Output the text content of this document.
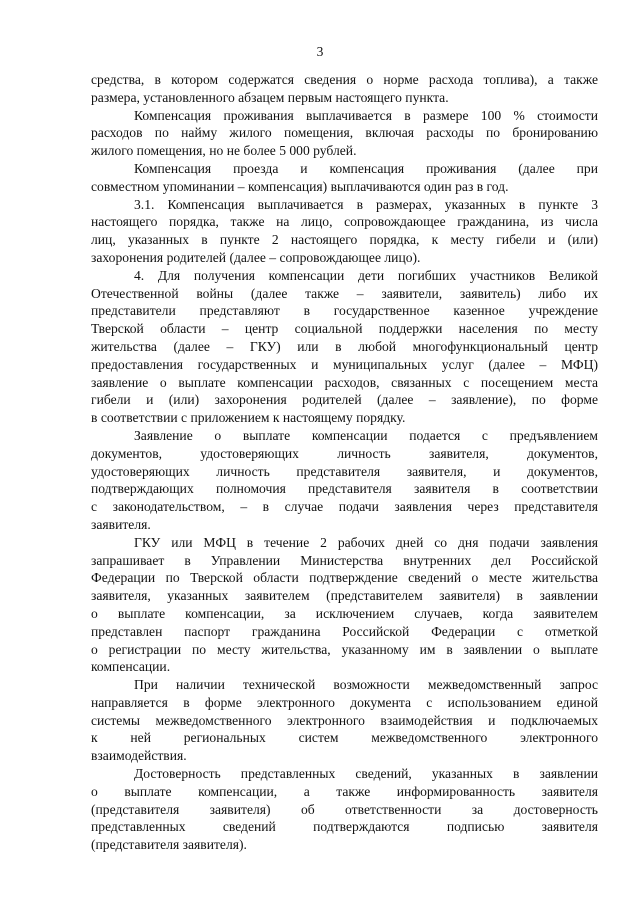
3
средства, в котором содержатся сведения о норме расхода топлива), а также
размера, установленного абзацем первым настоящего пункта.
Компенсация проживания выплачивается в размере 100 % стоимости
расходов по найму жилого помещения, включая расходы по бронированию
жилого помещения, но не более 5 000 рублей.
Компенсация проезда и компенсация проживания (далее при
совместном упоминании – компенсация) выплачиваются один раз в год.
3.1. Компенсация выплачивается в размерах, указанных в пункте 3
настоящего порядка, также на лицо, сопровождающее гражданина, из числа
лиц, указанных в пункте 2 настоящего порядка, к месту гибели и (или)
захоронения родителей (далее – сопровождающее лицо).
4. Для получения компенсации дети погибших участников Великой
Отечественной войны (далее также – заявители, заявитель) либо их
представители представляют в государственное казенное учреждение
Тверской области – центр социальной поддержки населения по месту
жительства (далее – ГКУ) или в любой многофункциональный центр
предоставления государственных и муниципальных услуг (далее – МФЦ)
заявление о выплате компенсации расходов, связанных с посещением места
гибели и (или) захоронения родителей (далее – заявление), по форме
в соответствии с приложением к настоящему порядку.
Заявление о выплате компенсации подается с предъявлением
документов, удостоверяющих личность заявителя, документов,
удостоверяющих личность представителя заявителя, и документов,
подтверждающих полномочия представителя заявителя в соответствии
с законодательством, – в случае подачи заявления через представителя
заявителя.
ГКУ или МФЦ в течение 2 рабочих дней со дня подачи заявления
запрашивает в Управлении Министерства внутренних дел Российской
Федерации по Тверской области подтверждение сведений о месте жительства
заявителя, указанных заявителем (представителем заявителя) в заявлении
о выплате компенсации, за исключением случаев, когда заявителем
представлен паспорт гражданина Российской Федерации с отметкой
о регистрации по месту жительства, указанному им в заявлении о выплате
компенсации.
При наличии технической возможности межведомственный запрос
направляется в форме электронного документа с использованием единой
системы межведомственного электронного взаимодействия и подключаемых
к ней региональных систем межведомственного электронного
взаимодействия.
Достоверность представленных сведений, указанных в заявлении
о выплате компенсации, а также информированность заявителя
(представителя заявителя) об ответственности за достоверность
представленных сведений подтверждаются подписью заявителя
(представителя заявителя).
